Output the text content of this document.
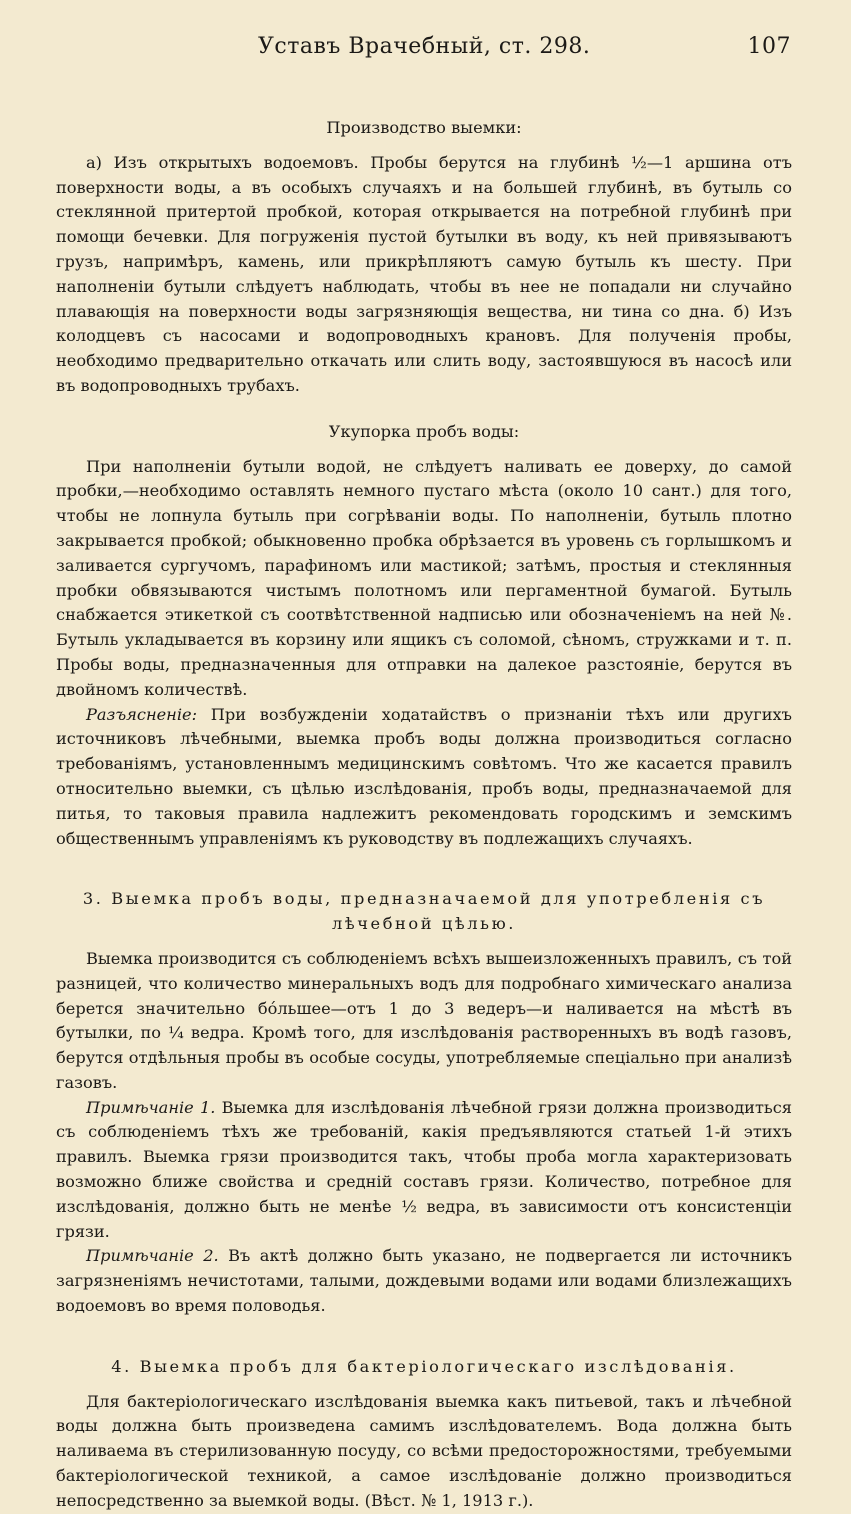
Уставъ Врачебный, ст. 298.	107
Производство выемки:

а) Изъ открытыхъ водоемовъ. Пробы берутся на глубинѣ ½—1 аршина отъ поверхности воды, а въ особыхъ случаяхъ и на большей глубинѣ, въ бутыль со стеклянной притертой пробкой, которая открывается на потребной глубинѣ при помощи бечевки. Для погруженія пустой бутылки въ воду, къ ней привязываютъ грузъ, напримѣръ, камень, или прикрѣпляютъ самую бутыль къ шесту. При наполненіи бутыли слѣдуетъ наблюдать, чтобы въ нее не попадали ни случайно плавающія на поверхности воды загрязняющія вещества, ни тина со дна. б) Изъ колодцевъ съ насосами и водопроводныхъ крановъ. Для полученія пробы, необходимо предварительно откачать или слить воду, застоявшуюся въ насосѣ или въ водопроводныхъ трубахъ.

Укупорка пробъ воды:

При наполненіи бутыли водой, не слѣдуетъ наливать ее доверху, до самой пробки,—необходимо оставлять немного пустаго мѣста (около 10 сант.) для того, чтобы не лопнула бутыль при согрѣваніи воды. По наполненіи, бутыль плотно закрывается пробкой; обыкновенно пробка обрѣзается въ уровень съ горлышкомъ и заливается сургучомъ, парафиномъ или мастикой; затѣмъ, простыя и стеклянныя пробки обвязываются чистымъ полотномъ или пергаментной бумагой. Бутыль снабжается этикеткой съ соотвѣтственной надписью или обозначеніемъ на ней №. Бутыль укладывается въ корзину или ящикъ съ соломой, сѣномъ, стружками и т. п. Пробы воды, предназначенныя для отправки на далекое разстояніе, берутся въ двойномъ количествѣ.

Разъясненіе: При возбужденіи ходатайствъ о признаніи тѣхъ или другихъ источниковъ лѣчебными, выемка пробъ воды должна производиться согласно требованіямъ, установленнымъ медицинскимъ совѣтомъ. Что же касается правилъ относительно выемки, съ цѣлью изслѣдованія, пробъ воды, предназначаемой для питья, то таковыя правила надлежитъ рекомендовать городскимъ и земскимъ общественнымъ управленіямъ къ руководству въ подлежащихъ случаяхъ.

3. Выемка пробъ воды, предназначаемой для употребленія съ
лѣчебной цѣлью.

Выемка производится съ соблюденіемъ всѣхъ вышеизложенныхъ правилъ, съ той разницей, что количество минеральныхъ водъ для подробнаго химическаго анализа берется значительно бо́льшее—отъ 1 до 3 ведеръ—и наливается на мѣстѣ въ бутылки, по ¼ ведра. Кромѣ того, для изслѣдованія растворенныхъ въ водѣ газовъ, берутся отдѣльныя пробы въ особые сосуды, употребляемые спеціально при анализѣ газовъ.

Примѣчаніе 1. Выемка для изслѣдованія лѣчебной грязи должна производиться съ соблюденіемъ тѣхъ же требованій, какія предъявляются статьей 1-й этихъ правилъ. Выемка грязи производится такъ, чтобы проба могла характеризовать возможно ближе свойства и средній составъ грязи. Количество, потребное для изслѣдованія, должно быть не менѣе ½ ведра, въ зависимости отъ консистенціи грязи.

Примѣчаніе 2. Въ актѣ должно быть указано, не подвергается ли источникъ загрязненіямъ нечистотами, талыми, дождевыми водами или водами близлежащихъ водоемовъ во время половодья.

4. Выемка пробъ для бактеріологическаго изслѣдованія.

Для бактеріологическаго изслѣдованія выемка какъ питьевой, такъ и лѣчебной воды должна быть произведена самимъ изслѣдователемъ. Вода должна быть наливаема въ стерилизованную посуду, со всѣми предосторожностями, требуемыми бактеріологической техникой, а самое изслѣдованіе должно производиться непосредственно за выемкой воды. (Вѣст. № 1, 1913 г.).
